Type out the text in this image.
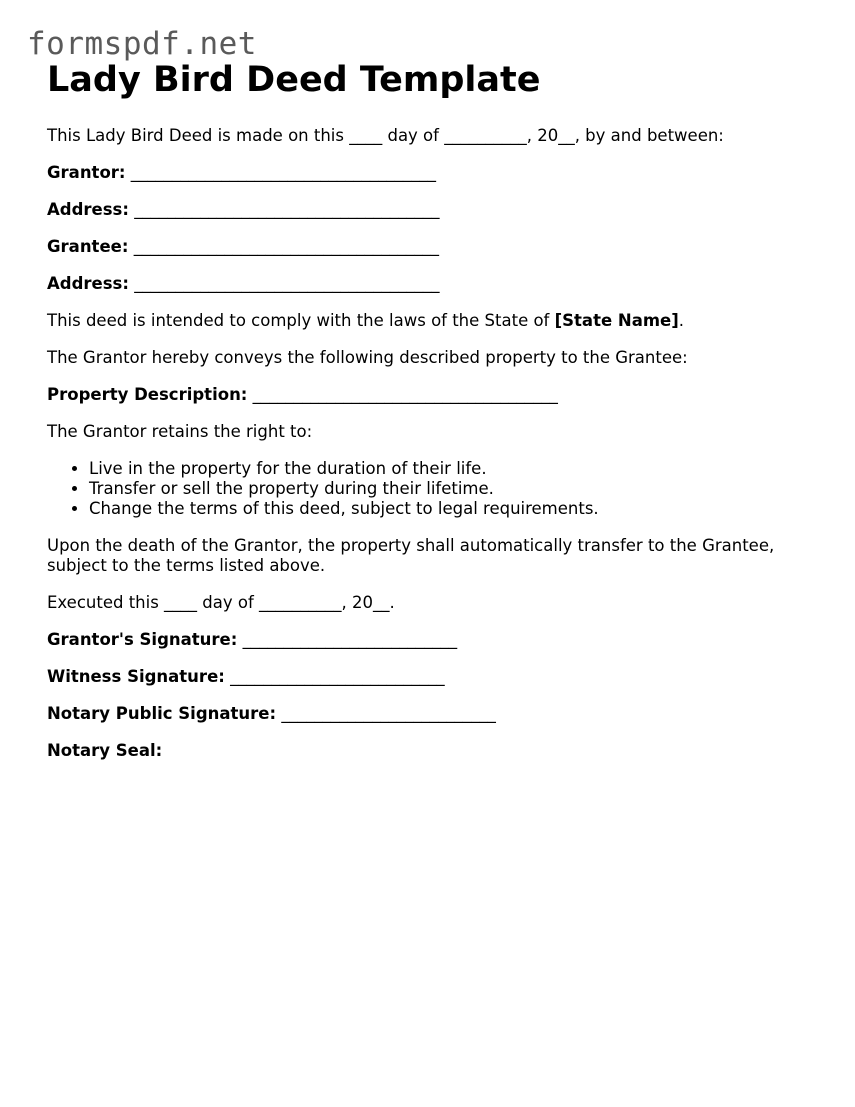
formspdf.net
Lady Bird Deed Template

This Lady Bird Deed is made on this ____ day of __________, 20__, by and between:

Grantor: _____________________________________

Address: _____________________________________

Grantee: _____________________________________

Address: _____________________________________

This deed is intended to comply with the laws of the State of [State Name].

The Grantor hereby conveys the following described property to the Grantee:

Property Description: _____________________________________

The Grantor retains the right to:

• Live in the property for the duration of their life.
• Transfer or sell the property during their lifetime.
• Change the terms of this deed, subject to legal requirements.

Upon the death of the Grantor, the property shall automatically transfer to the Grantee, subject to the terms listed above.

Executed this ____ day of __________, 20__.

Grantor's Signature: __________________________

Witness Signature: __________________________

Notary Public Signature: __________________________

Notary Seal:
